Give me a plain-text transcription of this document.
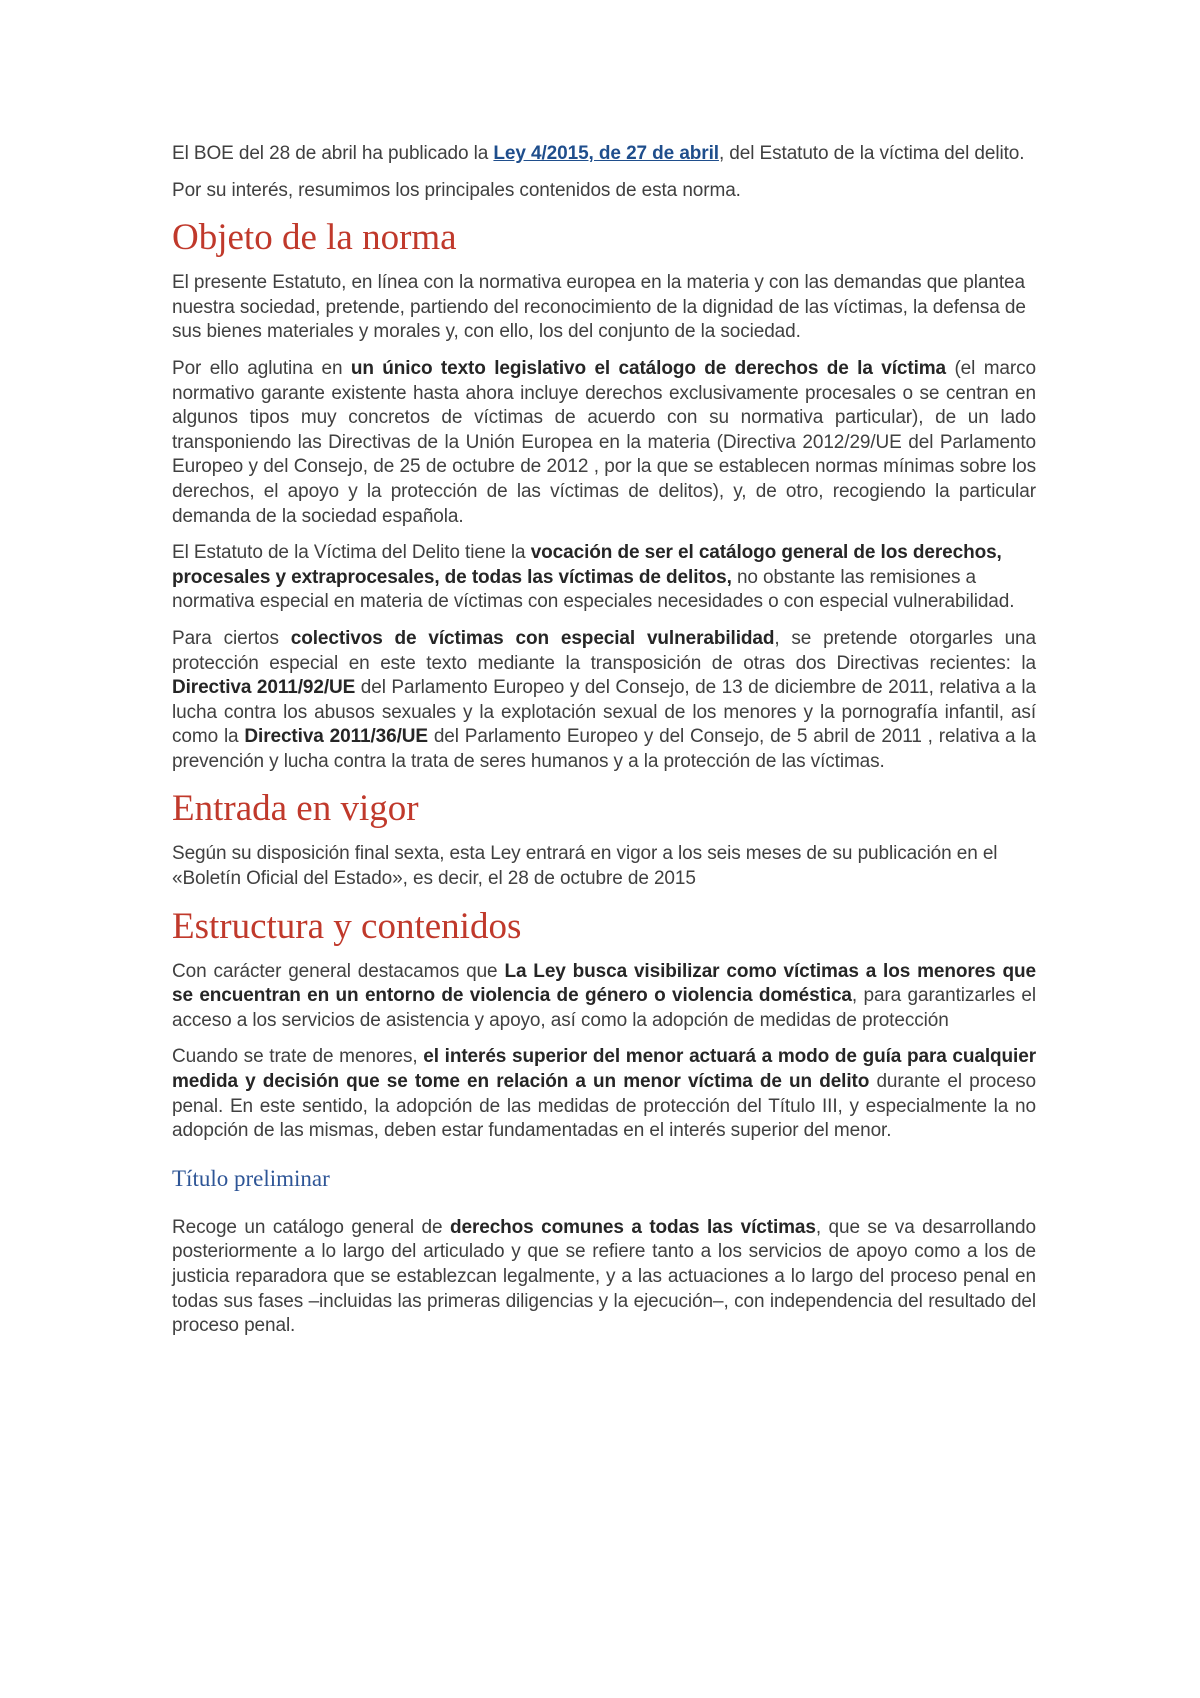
El BOE del 28 de abril ha publicado la Ley 4/2015, de 27 de abril, del Estatuto de la víctima del delito.

Por su interés, resumimos los principales contenidos de esta norma.

Objeto de la norma

El presente Estatuto, en línea con la normativa europea en la materia y con las demandas que plantea nuestra sociedad, pretende, partiendo del reconocimiento de la dignidad de las víctimas, la defensa de sus bienes materiales y morales y, con ello, los del conjunto de la sociedad.

Por ello aglutina en un único texto legislativo el catálogo de derechos de la víctima (el marco normativo garante existente hasta ahora incluye derechos exclusivamente procesales o se centran en algunos tipos muy concretos de víctimas de acuerdo con su normativa particular), de un lado transponiendo las Directivas de la Unión Europea en la materia (Directiva 2012/29/UE del Parlamento Europeo y del Consejo, de 25 de octubre de 2012 , por la que se establecen normas mínimas sobre los derechos, el apoyo y la protección de las víctimas de delitos), y, de otro, recogiendo la particular demanda de la sociedad española.

El Estatuto de la Víctima del Delito tiene la vocación de ser el catálogo general de los derechos, procesales y extraprocesales, de todas las víctimas de delitos, no obstante las remisiones a normativa especial en materia de víctimas con especiales necesidades o con especial vulnerabilidad.

Para ciertos colectivos de víctimas con especial vulnerabilidad, se pretende otorgarles una protección especial en este texto mediante la transposición de otras dos Directivas recientes: la Directiva 2011/92/UE del Parlamento Europeo y del Consejo, de 13 de diciembre de 2011, relativa a la lucha contra los abusos sexuales y la explotación sexual de los menores y la pornografía infantil, así como la Directiva 2011/36/UE del Parlamento Europeo y del Consejo, de 5 abril de 2011 , relativa a la prevención y lucha contra la trata de seres humanos y a la protección de las víctimas.

Entrada en vigor

Según su disposición final sexta, esta Ley entrará en vigor a los seis meses de su publicación en el «Boletín Oficial del Estado», es decir, el 28 de octubre de 2015

Estructura y contenidos

Con carácter general destacamos que La Ley busca visibilizar como víctimas a los menores que se encuentran en un entorno de violencia de género o violencia doméstica, para garantizarles el acceso a los servicios de asistencia y apoyo, así como la adopción de medidas de protección

Cuando se trate de menores, el interés superior del menor actuará a modo de guía para cualquier medida y decisión que se tome en relación a un menor víctima de un delito durante el proceso penal. En este sentido, la adopción de las medidas de protección del Título III, y especialmente la no adopción de las mismas, deben estar fundamentadas en el interés superior del menor.

Título preliminar

Recoge un catálogo general de derechos comunes a todas las víctimas, que se va desarrollando posteriormente a lo largo del articulado y que se refiere tanto a los servicios de apoyo como a los de justicia reparadora que se establezcan legalmente, y a las actuaciones a lo largo del proceso penal en todas sus fases –incluidas las primeras diligencias y la ejecución–, con independencia del resultado del proceso penal.
